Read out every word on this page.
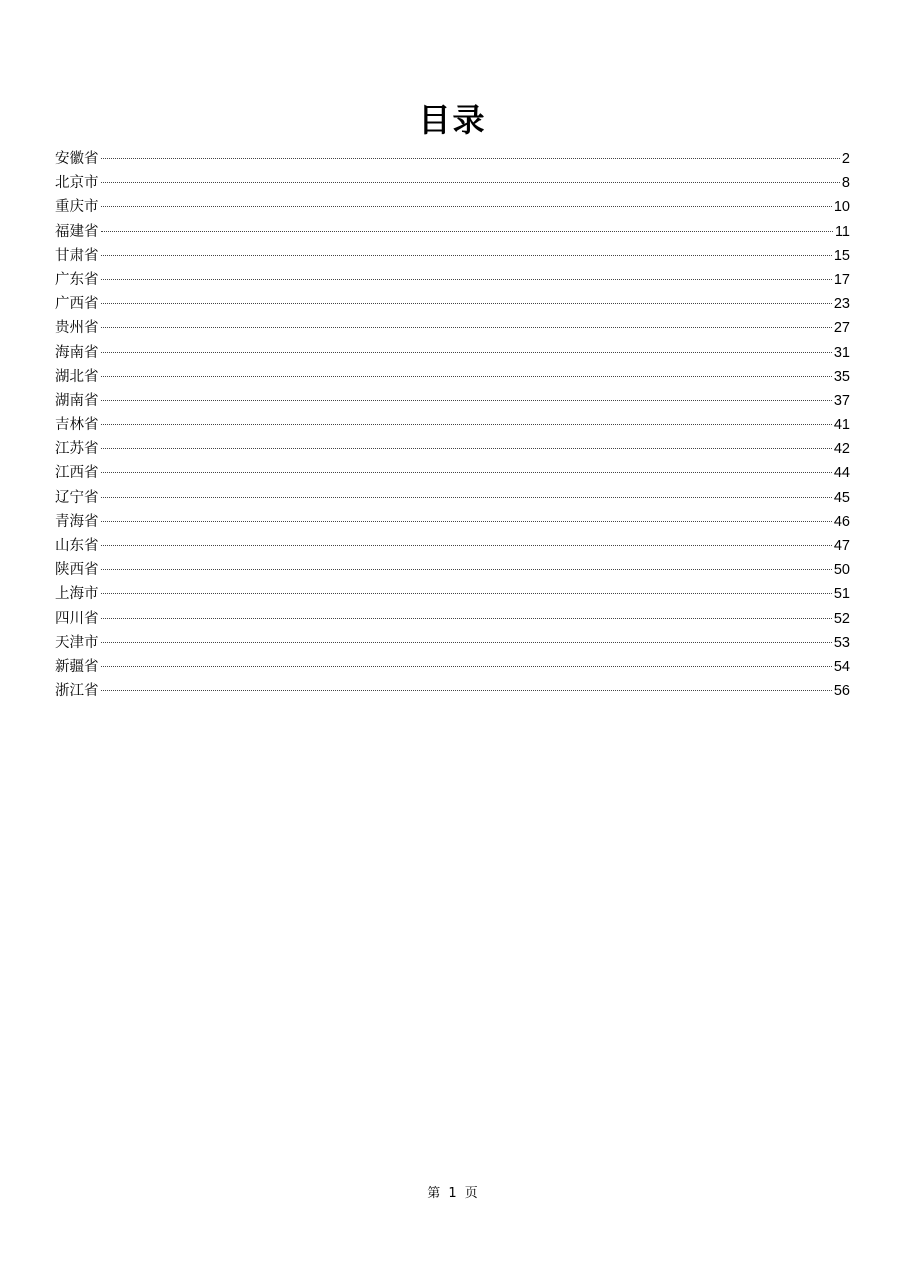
目录
安徽省	2
北京市	8
重庆市	10
福建省	11
甘肃省	15
广东省	17
广西省	23
贵州省	27
海南省	31
湖北省	35
湖南省	37
吉林省	41
江苏省	42
江西省	44
辽宁省	45
青海省	46
山东省	47
陕西省	50
上海市	51
四川省	52
天津市	53
新疆省	54
浙江省	56
第 1 页
